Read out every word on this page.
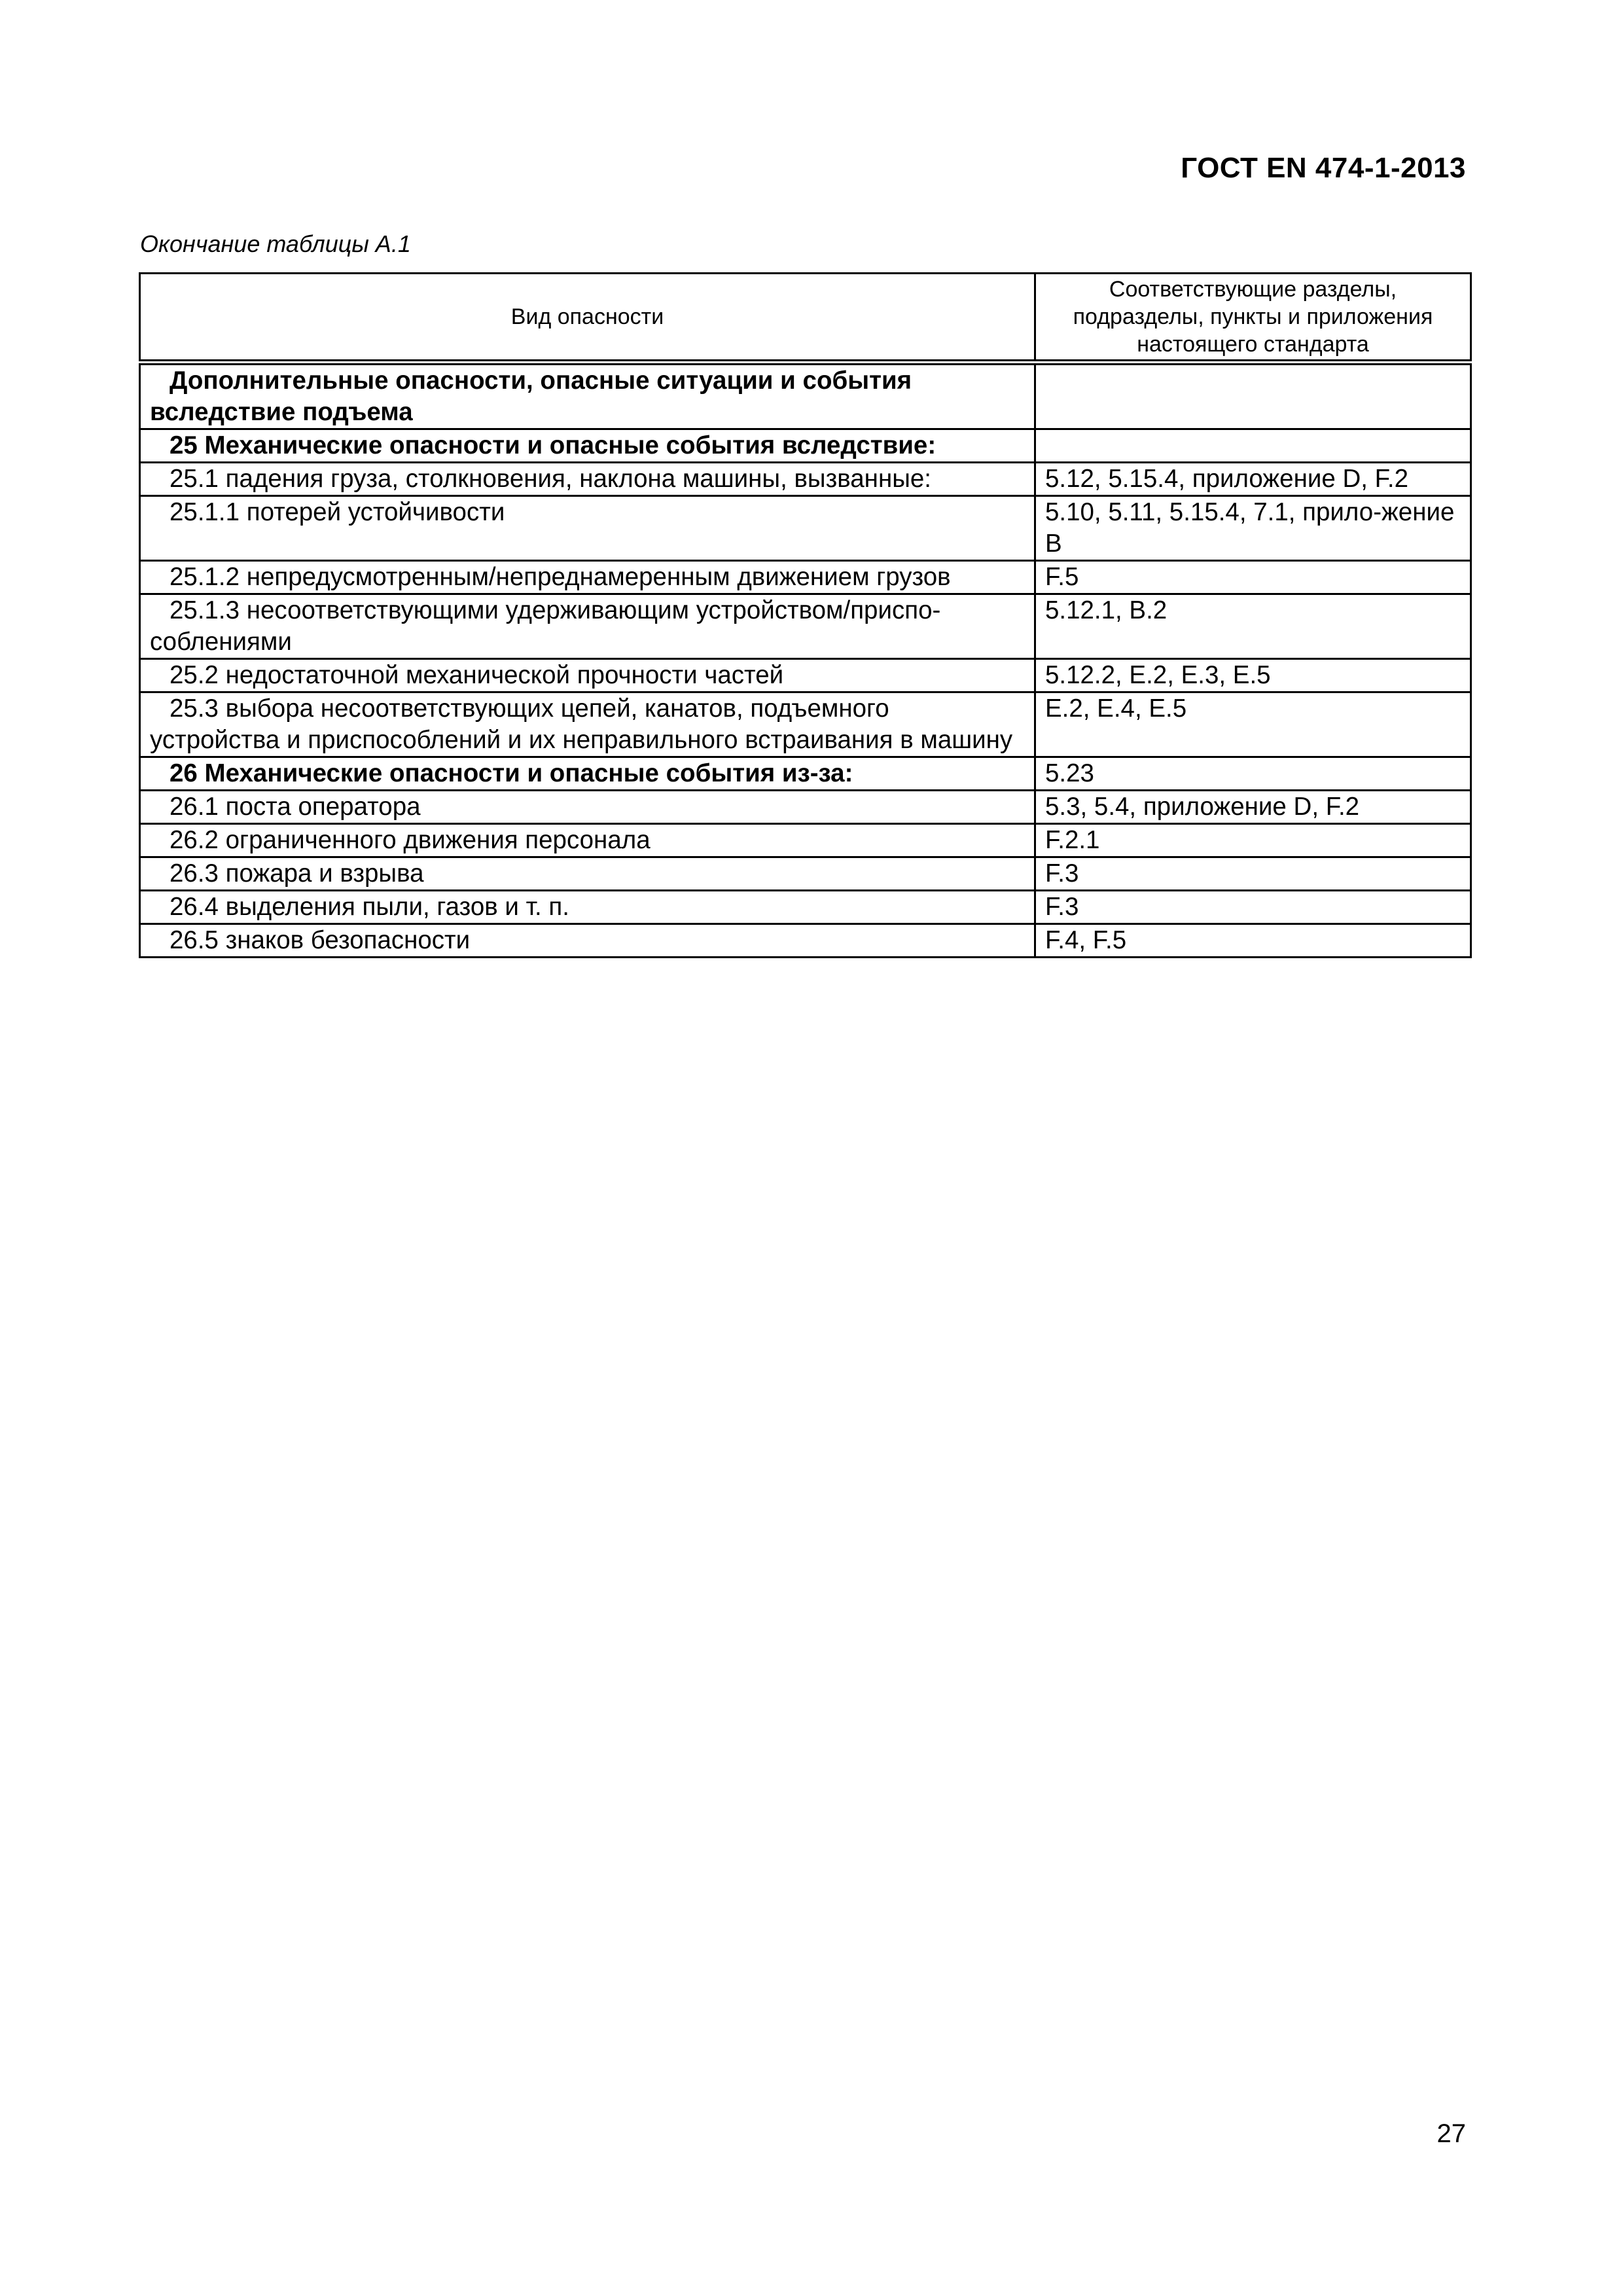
ГОСТ EN 474-1-2013
Окончание таблицы А.1
Вид опасности	Соответствующие разделы, подразделы, пункты и приложения настоящего стандарта
Дополнительные опасности, опасные ситуации и события вследствие подъема	
25 Механические опасности и опасные события вследствие:	
25.1 падения груза, столкновения, наклона машины, вызванные:	5.12, 5.15.4, приложение D, F.2
25.1.1 потерей устойчивости	5.10, 5.11, 5.15.4, 7.1, прило-жение В
25.1.2 непредусмотренным/непреднамеренным движением грузов	F.5
25.1.3 несоответствующими удерживающим устройством/приспо-соблениями	5.12.1, В.2
25.2 недостаточной механической прочности частей	5.12.2, E.2, E.3, E.5
25.3 выбора несоответствующих цепей, канатов, подъемного устройства и приспособлений и их неправильного встраивания в машину	E.2, E.4, E.5
26 Механические опасности и опасные события из-за:	5.23
26.1 поста оператора	5.3, 5.4, приложение D, F.2
26.2 ограниченного движения персонала	F.2.1
26.3 пожара и взрыва	F.3
26.4 выделения пыли, газов и т. п.	F.3
26.5 знаков безопасности	F.4, F.5
27
